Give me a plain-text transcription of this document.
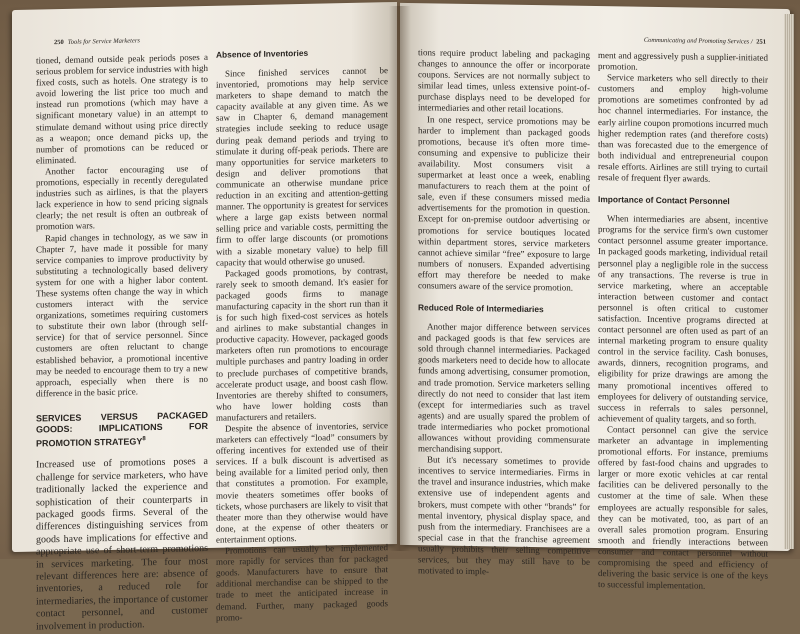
250 Tools for Service Marketers

tioned, demand outside peak periods poses a serious problem for service industries with high fixed costs, such as hotels. One strategy is to avoid lowering the list price too much and instead run promotions (which may have a significant monetary value) in an attempt to stimulate demand without using price directly as a weapon; once demand picks up, the number of promotions can be reduced or eliminated.

Another factor encouraging use of promotions, especially in recently deregulated industries such as airlines, is that the players lack experience in how to send pricing signals clearly; the net result is often an outbreak of promotion wars.

Rapid changes in technology, as we saw in Chapter 7, have made it possible for many service companies to improve productivity by substituting a technologically based delivery system for one with a higher labor content. These systems often change the way in which customers interact with the service organizations, sometimes requiring customers to substitute their own labor (through self-service) for that of service personnel. Since customers are often reluctant to change established behavior, a promotional incentive may be needed to encourage them to try a new approach, especially when there is no difference in the basic price.

SERVICES VERSUS PACKAGED GOODS: IMPLICATIONS FOR PROMOTION STRATEGY$^8$

Increased use of promotions poses a challenge for service marketers, who have traditionally lacked the experience and sophistication of their counterparts in packaged goods firms. Several of the differences distinguishing services from goods have implications for effective and appropriate use of short-term promotions in services marketing. The four most relevant differences here are: absence of inventories, a reduced role for intermediaries, the importance of customer contact personnel, and customer involvement in production.

Absence of Inventories

Since finished services cannot be inventoried, promotions may help service marketers to shape demand to match the capacity available at any given time. As we saw in Chapter 6, demand management strategies include seeking to reduce usage during peak demand periods and trying to stimulate it during off-peak periods. There are many opportunities for service marketers to design and deliver promotions that communicate an otherwise mundane price reduction in an exciting and attention-getting manner. The opportunity is greatest for services where a large gap exists between normal selling price and variable costs, permitting the firm to offer large discounts (or promotions with a sizable monetary value) to help fill capacity that would otherwise go unused.

Packaged goods promotions, by contrast, rarely seek to smooth demand. It's easier for packaged goods firms to manage manufacturing capacity in the short run than it is for such high fixed-cost services as hotels and airlines to make substantial changes in productive capacity. However, packaged goods marketers often run promotions to encourage multiple purchases and pantry loading in order to preclude purchases of competitive brands, accelerate product usage, and boost cash flow. Inventories are thereby shifted to consumers, who have lower holding costs than manufacturers and retailers.

Despite the absence of inventories, service marketers can effectively “load” consumers by offering incentives for extended use of their services. If a bulk discount is advertised as being available for a limited period only, then that constitutes a promotion. For example, movie theaters sometimes offer books of tickets, whose purchasers are likely to visit that theater more than they otherwise would have done, at the expense of other theaters or entertainment options.

Promotions can usually be implemented more rapidly for services than for packaged goods. Manufacturers have to ensure that additional merchandise can be shipped to the trade to meet the anticipated increase in demand. Further, many packaged goods promo-

Communicating and Promoting Services / 251

tions require product labeling and packaging changes to announce the offer or incorporate coupons. Services are not normally subject to similar lead times, unless extensive point-of-purchase displays need to be developed for intermediaries and other retail locations.

In one respect, service promotions may be harder to implement than packaged goods promotions, because it's often more time-consuming and expensive to publicize their availability. Most consumers visit a supermarket at least once a week, enabling manufacturers to reach them at the point of sale, even if these consumers missed media advertisements for the promotion in question. Except for on-premise outdoor advertising or promotions for service boutiques located within department stores, service marketers cannot achieve similar “free” exposure to large numbers of nonusers. Expanded advertising effort may therefore be needed to make consumers aware of the service promotion.

Reduced Role of Intermediaries

Another major difference between services and packaged goods is that few services are sold through channel intermediaries. Packaged goods marketers need to decide how to allocate funds among advertising, consumer promotion, and trade promotion. Service marketers selling directly do not need to consider that last item (except for intermediaries such as travel agents) and are usually spared the problem of trade intermediaries who pocket promotional allowances without providing commensurate merchandising support.

But it's necessary sometimes to provide incentives to service intermediaries. Firms in the travel and insurance industries, which make extensive use of independent agents and brokers, must compete with other “brands” for mental inventory, physical display space, and push from the intermediary. Franchisees are a special case in that the franchise agreement usually prohibits their selling competitive services, but they may still have to be motivated to imple-

ment and aggressively push a supplier-initiated promotion.

Service marketers who sell directly to their customers and employ high-volume promotions are sometimes confronted by ad hoc channel intermediaries. For instance, the early airline coupon promotions incurred much higher redemption rates (and therefore costs) than was forecasted due to the emergence of both individual and entrepreneurial coupon resale efforts. Airlines are still trying to curtail resale of frequent flyer awards.

Importance of Contact Personnel

When intermediaries are absent, incentive programs for the service firm's own customer contact personnel assume greater importance. In packaged goods marketing, individual retail personnel play a negligible role in the success of any transactions. The reverse is true in service marketing, where an acceptable interaction between customer and contact personnel is often critical to customer satisfaction. Incentive programs directed at contact personnel are often used as part of an internal marketing program to ensure quality control in the service facility. Cash bonuses, awards, dinners, recognition programs, and eligibility for prize drawings are among the many promotional incentives offered to employees for delivery of outstanding service, success in referrals to sales personnel, achievement of quality targets, and so forth.

Contact personnel can give the service marketer an advantage in implementing promotional efforts. For instance, premiums offered by fast-food chains and upgrades to larger or more exotic vehicles at car rental facilities can be delivered personally to the customer at the time of sale. When these employees are actually responsible for sales, they can be motivated, too, as part of an overall sales promotion program. Ensuring smooth and friendly interactions between consumer and contact personnel without compromising the speed and efficiency of delivering the basic service is one of the keys to successful implementation.
